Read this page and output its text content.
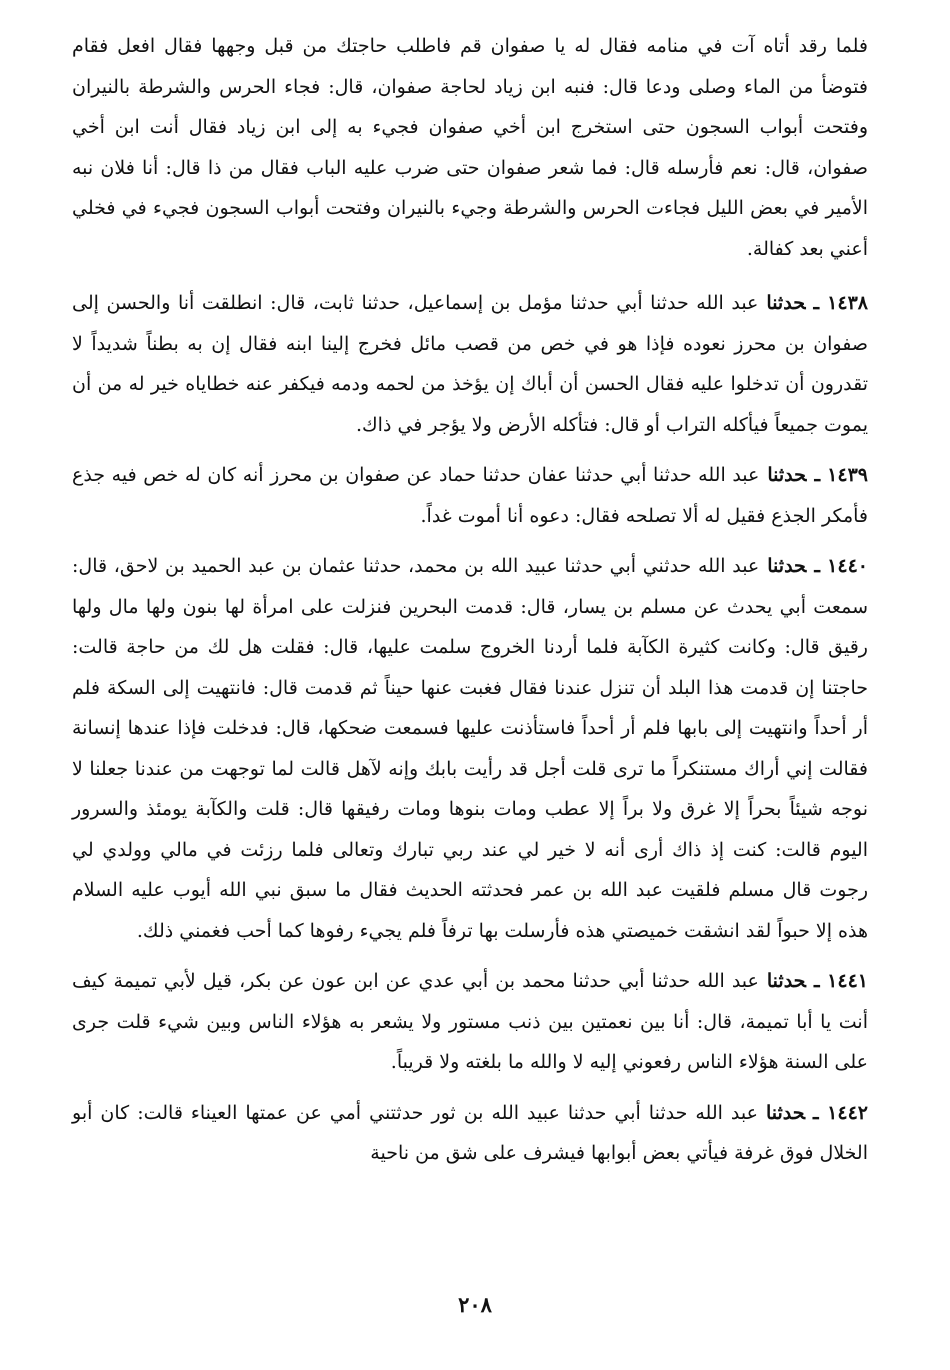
فلما رقد أتاه آت في منامه فقال له يا صفوان قم فاطلب حاجتك من قبل وجهها فقال افعل فقام فتوضأ من الماء وصلى ودعا قال: فنبه ابن زياد لحاجة صفوان، قال: فجاء الحرس والشرطة بالنيران وفتحت أبواب السجون حتى استخرج ابن أخي صفوان فجيء به إلى ابن زياد فقال أنت ابن أخي صفوان، قال: نعم فأرسله قال: فما شعر صفوان حتى ضرب عليه الباب فقال من ذا قال: أنا فلان نبه الأمير في بعض الليل فجاءت الحرس والشرطة وجيء بالنيران وفتحت أبواب السجون فجيء في فخلي أعني بعد كفالة.

١٤٣٨ ـحدثناعبد الله حدثنا أبي حدثنا مؤمل بن إسماعيل، حدثنا ثابت، قال: انطلقت أنا والحسن إلى صفوان بن محرز نعوده فإذا هو في خص من قصب مائل فخرج إلينا ابنه فقال إن به بطناً شديداً لا تقدرون أن تدخلوا عليه فقال الحسن أن أباك إن يؤخذ من لحمه ودمه فيكفر عنه خطاياه خير له من أن يموت جميعاً فيأكله التراب أو قال: فتأكله الأرض ولا يؤجر في ذاك.

١٤٣٩ ـحدثناعبد الله حدثنا أبي حدثنا عفان حدثنا حماد عن صفوان بن محرز أنه كان له خص فيه جذع فأمكر الجذع فقيل له ألا تصلحه فقال: دعوه أنا أموت غداً.

١٤٤٠ ـحدثناعبد الله حدثني أبي حدثنا عبيد الله بن محمد، حدثنا عثمان بن عبد الحميد بن لاحق، قال: سمعت أبي يحدث عن مسلم بن يسار، قال: قدمت البحرين فنزلت على امرأة لها بنون ولها مال ولها رقيق قال: وكانت كثيرة الكآبة فلما أردنا الخروج سلمت عليها، قال: فقلت هل لك من حاجة قالت: حاجتنا إن قدمت هذا البلد أن تنزل عندنا فقال فغبت عنها حيناً ثم قدمت قال: فانتهيت إلى السكة فلم أر أحداً وانتهيت إلى بابها فلم أر أحداً فاستأذنت عليها فسمعت ضحكها، قال: فدخلت فإذا عندها إنسانة فقالت إني أراك مستنكراً ما ترى قلت أجل قد رأيت بابك وإنه لآهل قالت لما توجهت من عندنا جعلنا لا نوجه شيئاً بحراً إلا غرق ولا براً إلا عطب ومات بنوها ومات رفيقها قال: قلت والكآبة يومئذ والسرور اليوم قالت: كنت إذ ذاك أرى أنه لا خير لي عند ربي تبارك وتعالى فلما رزئت في مالي وولدي لي رجوت قال مسلم فلقيت عبد الله بن عمر فحدثته الحديث فقال ما سبق نبي الله أيوب عليه السلام هذه إلا حبواً لقد انشقت خميصتي هذه فأرسلت بها ترفاً فلم يجيء رفوها كما أحب فغمني ذلك.

١٤٤١ ـحدثناعبد الله حدثنا أبي حدثنا محمد بن أبي عدي عن ابن عون عن بكر، قيل لأبي تميمة كيف أنت يا أبا تميمة، قال: أنا بين نعمتين بين ذنب مستور ولا يشعر به هؤلاء الناس وبين شيء قلت جرى على السنة هؤلاء الناس رفعوني إليه لا والله ما بلغته ولا قريباً.

١٤٤٢ ـحدثناعبد الله حدثنا أبي حدثنا عبيد الله بن ثور حدثتني أمي عن عمتها العيناء قالت: كان أبو الخلال فوق غرفة فيأتي بعض أبوابها فيشرف على شق من ناحية

٢٠٨
